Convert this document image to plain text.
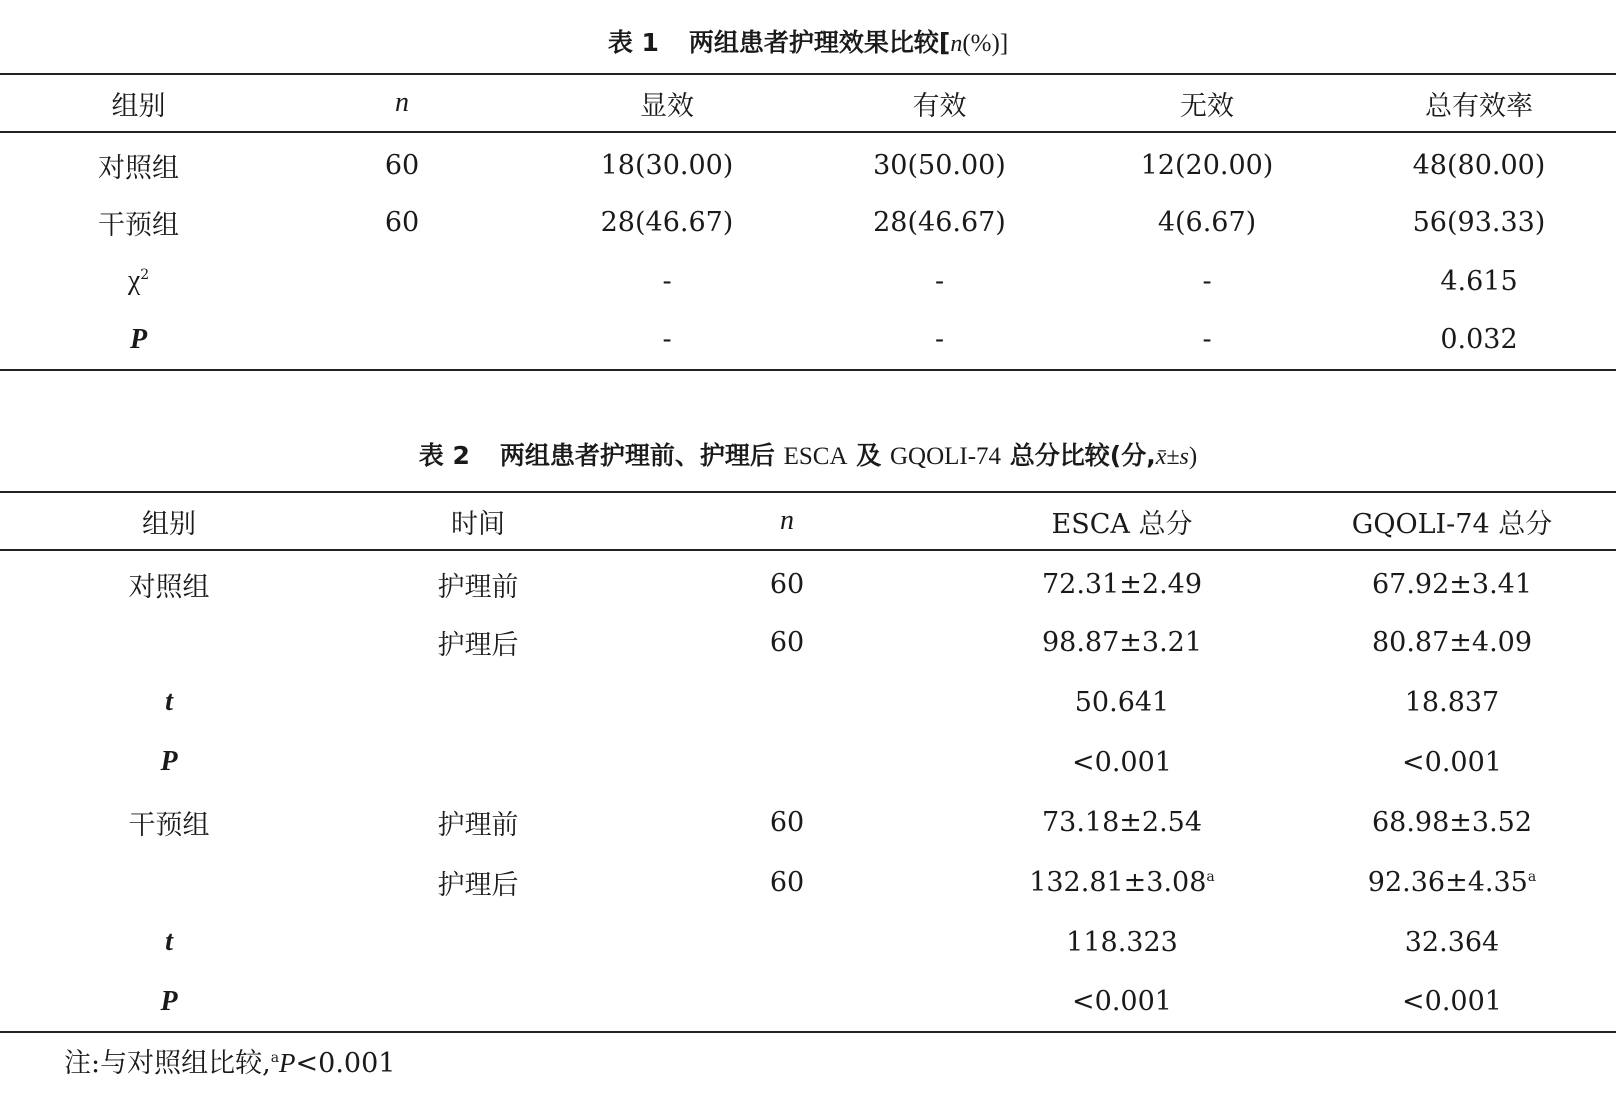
表 1 两组患者护理效果比较[n(%)]
组别	n	显效	有效	无效	总有效率
对照组	60	18(30.00)	30(50.00)	12(20.00)	48(80.00)
干预组	60	28(46.67)	28(46.67)	4(6.67)	56(93.33)
$\chi^2$		-	-	-	4.615
P		-	-	-	0.032
表 2 两组患者护理前、护理后 ESCA 及 GQOLI-74 总分比较(分,x̄±s)
组别	时间	n	ESCA 总分	GQOLI-74 总分
对照组	护理前	60	72.31±2.49	67.92±3.41
	护理后	60	98.87±3.21	80.87±4.09
t			50.641	18.837
P			<0.001	<0.001
干预组	护理前	60	73.18±2.54	68.98±3.52
	护理后	60	132.81±3.08$^a$	92.36±4.35$^a$
t			118.323	32.364
P			<0.001	<0.001
注:与对照组比较,$^a$P<0.001
